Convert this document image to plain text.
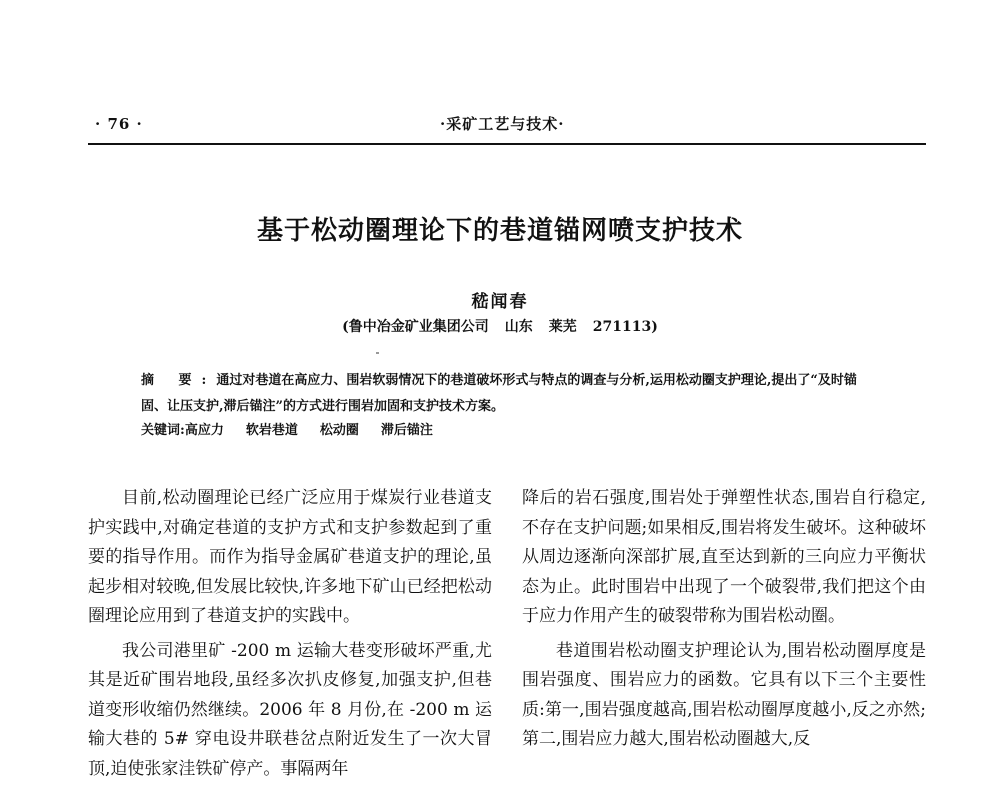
· 76 ·	·采矿工艺与技术·
基于松动圈理论下的巷道锚网喷支护技术
嵇闻春
(鲁中冶金矿业集团公司 山东 莱芜 271113)
摘 要:通过对巷道在高应力、围岩软弱情况下的巷道破坏形式与特点的调查与分析,运用松动圈支护理论,提出了“及时锚固、让压支护,滞后锚注”的方式进行围岩加固和支护技术方案。
关键词:高应力 软岩巷道 松动圈 滞后锚注

目前,松动圈理论已经广泛应用于煤炭行业巷道支护实践中,对确定巷道的支护方式和支护参数起到了重要的指导作用。而作为指导金属矿巷道支护的理论,虽起步相对较晚,但发展比较快,许多地下矿山已经把松动圈理论应用到了巷道支护的实践中。

我公司港里矿 -200 m 运输大巷变形破坏严重,尤其是近矿围岩地段,虽经多次扒皮修复,加强支护,但巷道变形收缩仍然继续。2006 年 8 月份,在 -200 m 运输大巷的 5# 穿电设井联巷岔点附近发生了一次大冒顶,迫使张家洼铁矿停产。事隔两年

降后的岩石强度,围岩处于弹塑性状态,围岩自行稳定,不存在支护问题;如果相反,围岩将发生破坏。这种破坏从周边逐渐向深部扩展,直至达到新的三向应力平衡状态为止。此时围岩中出现了一个破裂带,我们把这个由于应力作用产生的破裂带称为围岩松动圈。

巷道围岩松动圈支护理论认为,围岩松动圈厚度是围岩强度、围岩应力的函数。它具有以下三个主要性质:第一,围岩强度越高,围岩松动圈厚度越小,反之亦然;第二,围岩应力越大,围岩松动圈越大,反
